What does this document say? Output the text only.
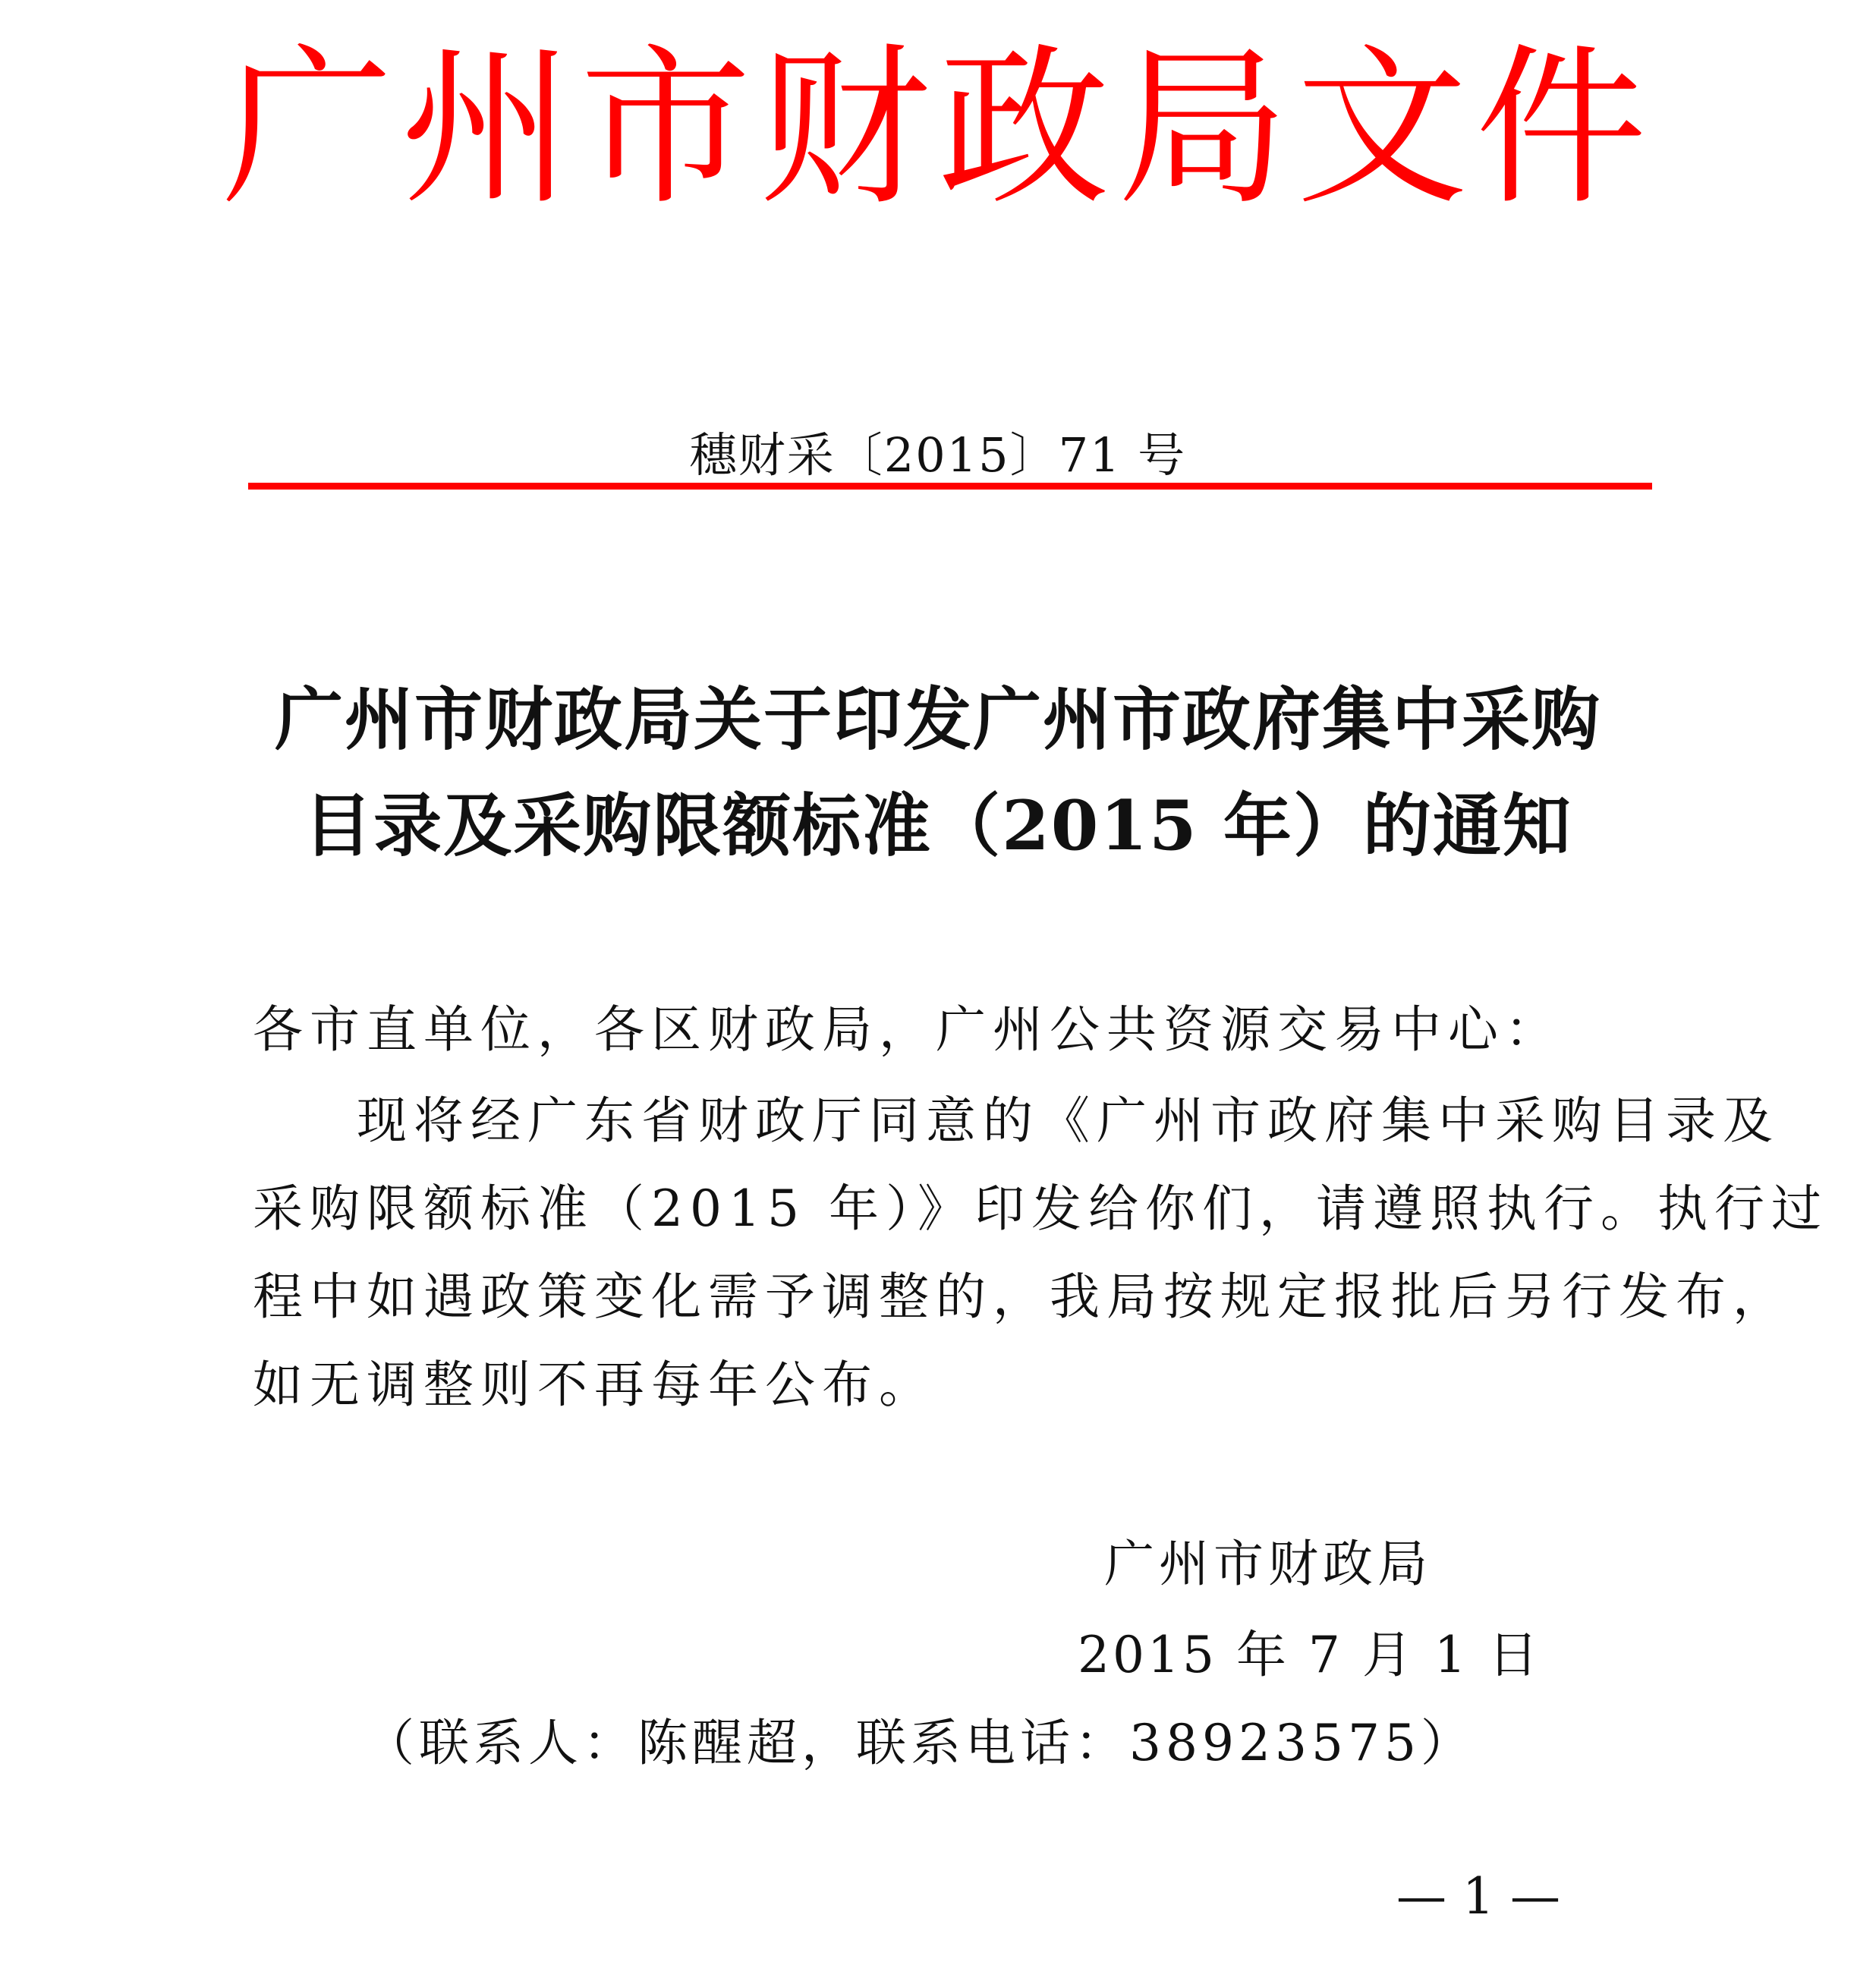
广州市财政局文件
穗财采〔2015〕71 号
广州市财政局关于印发广州市政府集中采购
目录及采购限额标准（2015 年）的通知
各市直单位，各区财政局，广州公共资源交易中心：
现将经广东省财政厅同意的《广州市政府集中采购目录及
采购限额标准（2015 年）》印发给你们，请遵照执行。执行过
程中如遇政策变化需予调整的，我局按规定报批后另行发布，
如无调整则不再每年公布。
广州市财政局
2015 年 7 月 1 日
（联系人：陈醒超，联系电话：38923575）
— 1 —
